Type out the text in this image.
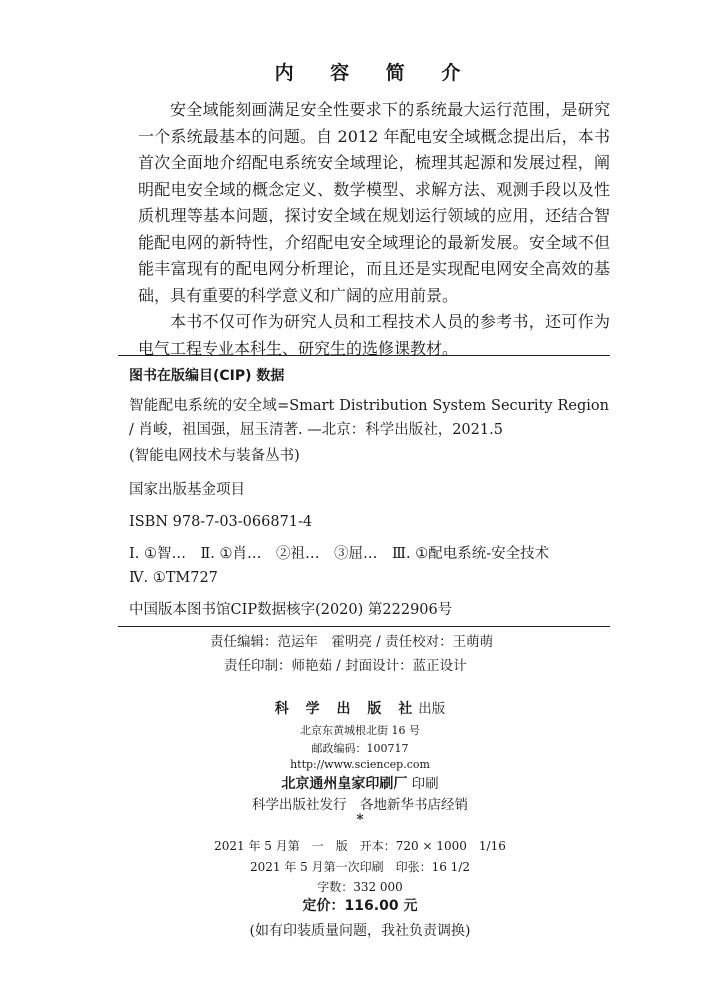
内 容 简 介

安全域能刻画满足安全性要求下的系统最大运行范围，是研究一个系统最基本的问题。自 2012 年配电安全域概念提出后，本书首次全面地介绍配电系统安全域理论，梳理其起源和发展过程，阐明配电安全域的概念定义、数学模型、求解方法、观测手段以及性质机理等基本问题，探讨安全域在规划运行领域的应用，还结合智能配电网的新特性，介绍配电安全域理论的最新发展。安全域不但能丰富现有的配电网分析理论，而且还是实现配电网安全高效的基础，具有重要的科学意义和广阔的应用前景。

本书不仅可作为研究人员和工程技术人员的参考书，还可作为电气工程专业本科生、研究生的选修课教材。

图书在版编目(CIP) 数据
智能配电系统的安全域=Smart Distribution System Security Region / 肖峻，祖国强，屈玉清著. —北京：科学出版社，2021.5
(智能电网技术与装备丛书)
国家出版基金项目
ISBN 978-7-03-066871-4
Ⅰ. ①智…　Ⅱ. ①肖…　②祖…　③屈…　Ⅲ. ①配电系统-安全技术
Ⅳ. ①TM727
中国版本图书馆CIP数据核字(2020) 第222906号
责任编辑：范运年　霍明亮 / 责任校对：王萌萌
责任印制：师艳茹 / 封面设计：蓝正设计
科 学 出 版 社出版
北京东黄城根北街 16 号
邮政编码：100717
http://www.sciencep.com
北京通州皇家印刷厂 印刷
科学出版社发行　各地新华书店经销
*
2021 年 5 月第　一　版　开本：720 × 1000　1/16
2021 年 5 月第一次印刷　印张：16 1/2
字数：332 000
定价：116.00 元
(如有印装质量问题，我社负责调换)
